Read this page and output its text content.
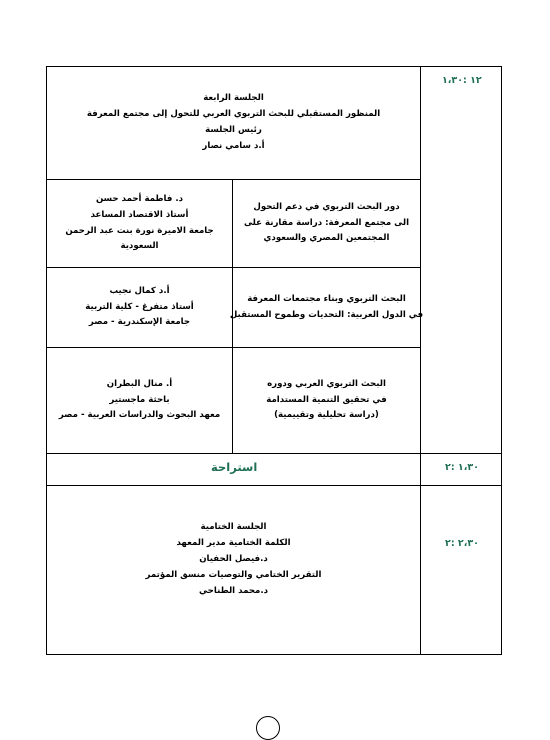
١٢ :١،٣٠
١،٣٠ :٢
٢،٣٠ :٢
الجلسة الرابعة
المنظور المستقبلي للبحث التربوي العربي للتحول إلى مجتمع المعرفة
رئيس الجلسة
أ.د سامي نصار
دور البحث التربوي في دعم التحول
الى مجتمع المعرفة: دراسة مقارنة على
المجتمعين المصري والسعودي
د. فاطمة أحمد حسن
أستاذ الاقتصاد المساعد
جامعة الاميرة نورة بنت عبد الرحمن
السعودية
البحث التربوي وبناء مجتمعات المعرفة
في الدول العربية: التحديات وطموح المستقبل
أ.د كمال نجيب
أستاذ متفرغ - كلية التربية
جامعة الإسكندرية - مصر
البحث التربوي العربي ودوره
في تحقيق التنمية المستدامة
(دراسة تحليلية وتقييمية)
أ. منال البطران
باحثة ماجستير
معهد البحوث والدراسات العربية - مصر
استراحة
الجلسة الختامية
الكلمة الختامية مدير المعهد
د.فيصل الحفيان
التقرير الختامي والتوصيات منسق المؤتمر
د.محمد الطناحي
